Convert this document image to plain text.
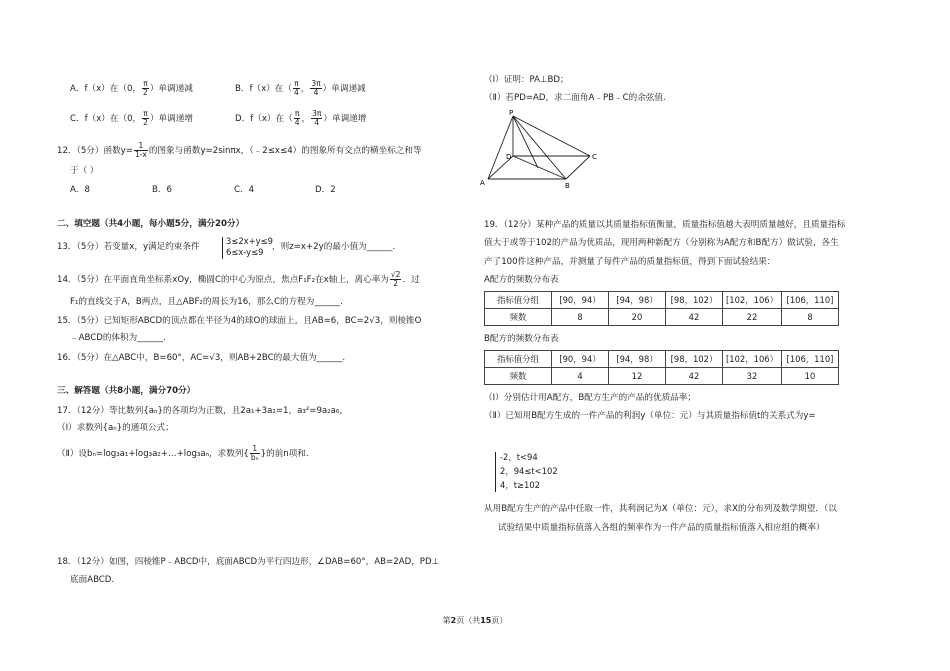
A．f（x）在（0， $\frac{\pi}{2}$ ）单调递减	B．f（x）在（ $\frac{\pi}{4}$ ， $\frac{3\pi}{4}$ ）单调递减
C．f（x）在（0， $\frac{\pi}{2}$ ）单调递增	D．f（x）在（ $\frac{\pi}{4}$ ， $\frac{3\pi}{4}$ ）单调递增
12．（5分）函数$y= \frac{1}{1-x}$ 的图象与函数y=2sinπx，（﹣2≤x≤4）的图象所有交点的横坐标之和等
于（ ）
A．8	B．6	C．4	D．2
二、填空题（共4小题，每小题5分，满分20分）
13．（5分）若变量x，y满足约束条件
3≤2x+y≤9
6≤x-y≤9 ，则z=x+2y的最小值为______.
14．（5分）在平面直角坐标系xOy，椭圆C的中心为原点，焦点F₁F₂在x轴上，离心率为 $\frac{√2}{2}$ ．过
F₁的直线交于A，B两点，且△ABF₂的周长为16，那么C的方程为______.
15．（5分）已知矩形ABCD的顶点都在半径为4的球O的球面上，且AB=6，BC=2√3，则棱锥O
﹣ABCD的体积为______.
16．（5分）在△ABC中，B=60°，AC=√3，则AB+2BC的最大值为______.
三、解答题（共8小题，满分70分）
17．（12分）等比数列{aₙ}的各项均为正数，且2a₁+3a₂=1，a₃²=9a₂a₆，
（Ⅰ）求数列{aₙ}的通项公式；
（Ⅱ）设bₙ=log₃a₁+log₃a₂+…+log₃aₙ，求数列{ $\frac{1}{\text{bₙ}}$ }的前n项和.
18．（12分）如图，四棱锥P﹣ABCD中，底面ABCD为平行四边形，∠DAB=60°，AB=2AD，PD⊥
底面ABCD.
（Ⅰ）证明：PA⊥BD；
（Ⅱ）若PD=AD，求二面角A﹣PB﹣C的余弦值.
P
D	C
A	B
19．（12分）某种产品的质量以其质量指标值衡量，质量指标值越大表明质量越好，且质量指标
值大于或等于102的产品为优质品，现用两种新配方（分别称为A配方和B配方）做试验，各生
产了100件这种产品，并测量了每件产品的质量指标值，得到下面试验结果：
A配方的频数分布表
指标值分组	[90，94）	[94，98）	[98，102）	[102，106）	[106，110]
频数	8	20	42	22	8
B配方的频数分布表
指标值分组	[90，94）	[94，98）	[98，102）	[102，106）	[106，110]
频数	4	12	42	32	10
（Ⅰ）分别估计用A配方，B配方生产的产品的优质品率；
（Ⅱ）已知用B配方生成的一件产品的利润y（单位：元）与其质量指标值t的关系式为y=
-2，t<94
2，94≤t<102
4，t≥102
从用B配方生产的产品中任取一件，其利润记为X（单位：元），求X的分布列及数学期望．（以
试验结果中质量指标值落入各组的频率作为一件产品的质量指标值落入相应组的概率）
第2页（共15页）
